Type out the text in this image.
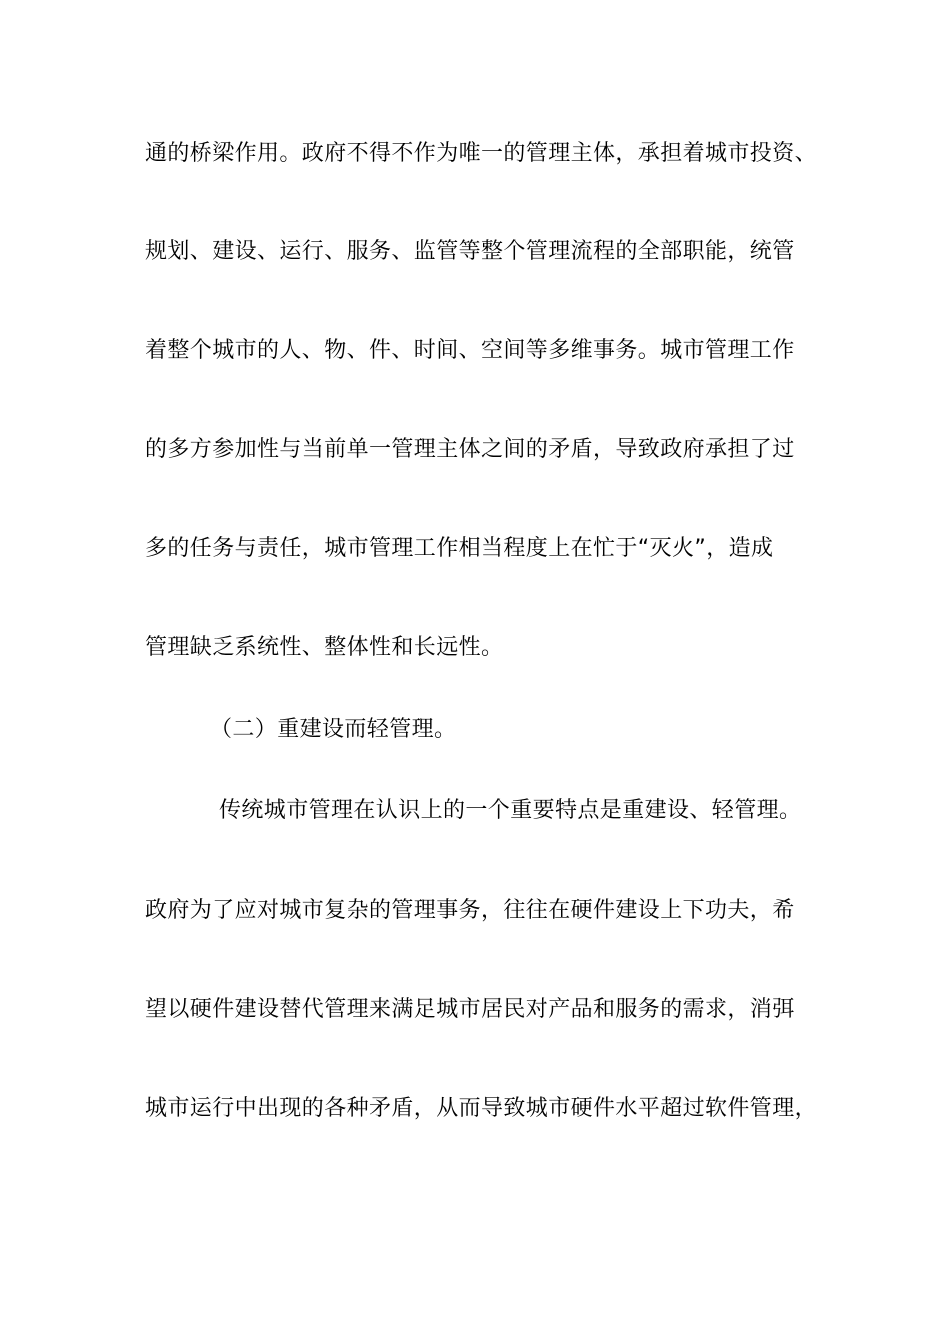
通的桥梁作用。政府不得不作为唯一的管理主体，承担着城市投资、
规划、建设、运行、服务、监管等整个管理流程的全部职能，统管
着整个城市的人、物、件、时间、空间等多维事务。城市管理工作
的多方参加性与当前单一管理主体之间的矛盾，导致政府承担了过
多的任务与责任，城市管理工作相当程度上在忙于“灭火”，造成
管理缺乏系统性、整体性和长远性。
（二）重建设而轻管理。
传统城市管理在认识上的一个重要特点是重建设、轻管理。
政府为了应对城市复杂的管理事务，往往在硬件建设上下功夫，希
望以硬件建设替代管理来满足城市居民对产品和服务的需求，消弭
城市运行中出现的各种矛盾，从而导致城市硬件水平超过软件管理，
